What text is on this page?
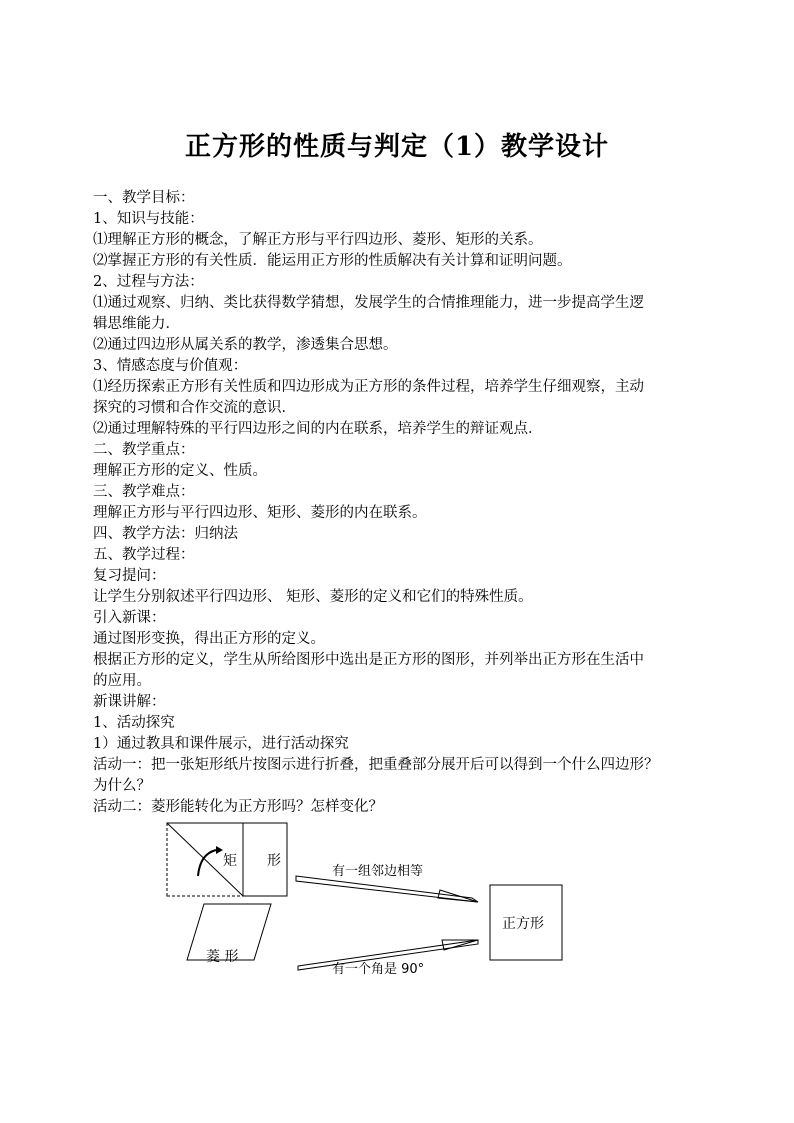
正方形的性质与判定（1）教学设计
一、教学目标：
1、知识与技能：
⑴理解正方形的概念，了解正方形与平行四边形、菱形、矩形的关系。
⑵掌握正方形的有关性质．能运用正方形的性质解决有关计算和证明问题。
2、过程与方法：
⑴通过观察、归纳、类比获得数学猜想，发展学生的合情推理能力，进一步提高学生逻
辑思维能力．
⑵通过四边形从属关系的教学，渗透集合思想。
3、情感态度与价值观：
⑴经历探索正方形有关性质和四边形成为正方形的条件过程，培养学生仔细观察，主动
探究的习惯和合作交流的意识．
⑵通过理解特殊的平行四边形之间的内在联系，培养学生的辩证观点．
二、教学重点：
理解正方形的定义、性质。
三、教学难点：
理解正方形与平行四边形、矩形、菱形的内在联系。
四、教学方法：归纳法
五、教学过程：
复习提问：
让学生分别叙述平行四边形、 矩形、菱形的定义和它们的特殊性质。
引入新课：
通过图形变换，得出正方形的定义。
根据正方形的定义，学生从所给图形中选出是正方形的图形，并列举出正方形在生活中
的应用。
新课讲解：
1、活动探究
1）通过教具和课件展示，进行活动探究
活动一：把一张矩形纸片按图示进行折叠，把重叠部分展开后可以得到一个什么四边形？
为什么？
活动二：菱形能转化为正方形吗？怎样变化？
矩 形
菱 形
有一组邻边相等
有一个角是 90°
正方形
